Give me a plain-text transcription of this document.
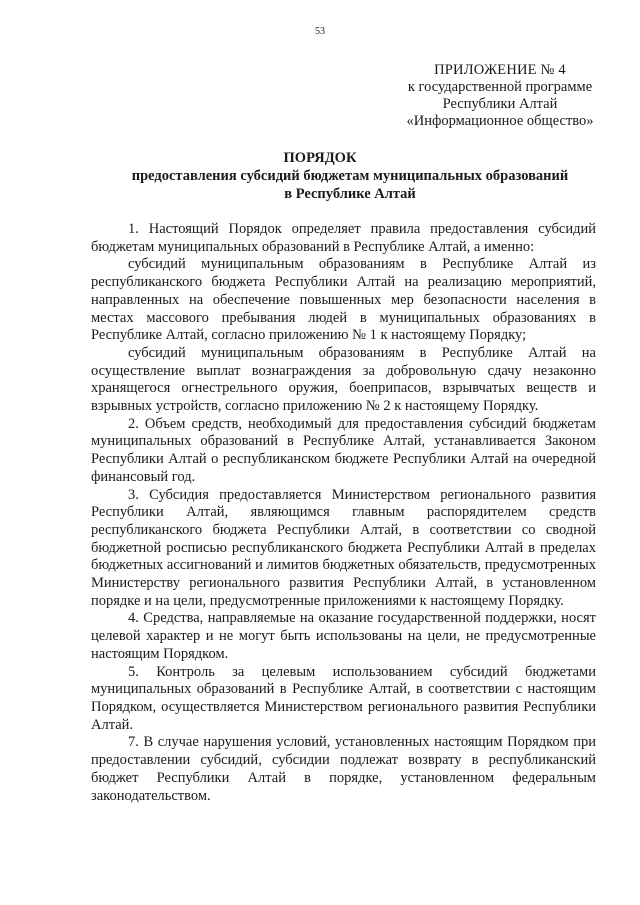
53
ПРИЛОЖЕНИЕ № 4
к государственной программе
Республики Алтай
«Информационное общество»
ПОРЯДОК
предоставления субсидий бюджетам муниципальных образований
в Республике Алтай

1. Настоящий Порядок определяет правила предоставления субсидий бюджетам муниципальных образований в Республике Алтай, а именно:

субсидий муниципальным образованиям в Республике Алтай из республиканского бюджета Республики Алтай на реализацию мероприятий, направленных на обеспечение повышенных мер безопасности населения в местах массового пребывания людей в муниципальных образованиях в Республике Алтай, согласно приложению № 1 к настоящему Порядку;

субсидий муниципальным образованиям в Республике Алтай на осуществление выплат вознаграждения за добровольную сдачу незаконно хранящегося огнестрельного оружия, боеприпасов, взрывчатых веществ и взрывных устройств, согласно приложению № 2 к настоящему Порядку.

2. Объем средств, необходимый для предоставления субсидий бюджетам муниципальных образований в Республике Алтай, устанавливается Законом Республики Алтай о республиканском бюджете Республики Алтай на очередной финансовый год.

3. Субсидия предоставляется Министерством регионального развития Республики Алтай, являющимся главным распорядителем средств республиканского бюджета Республики Алтай, в соответствии со сводной бюджетной росписью республиканского бюджета Республики Алтай в пределах бюджетных ассигнований и лимитов бюджетных обязательств, предусмотренных Министерству регионального развития Республики Алтай, в установленном порядке и на цели, предусмотренные приложениями к настоящему Порядку.

4. Средства, направляемые на оказание государственной поддержки, носят целевой характер и не могут быть использованы на цели, не предусмотренные настоящим Порядком.

5. Контроль за целевым использованием субсидий бюджетами муниципальных образований в Республике Алтай, в соответствии с настоящим Порядком, осуществляется Министерством регионального развития Республики Алтай.

7. В случае нарушения условий, установленных настоящим Порядком при предоставлении субсидий, субсидии подлежат возврату в республиканский бюджет Республики Алтай в порядке, установленном федеральным законодательством.
